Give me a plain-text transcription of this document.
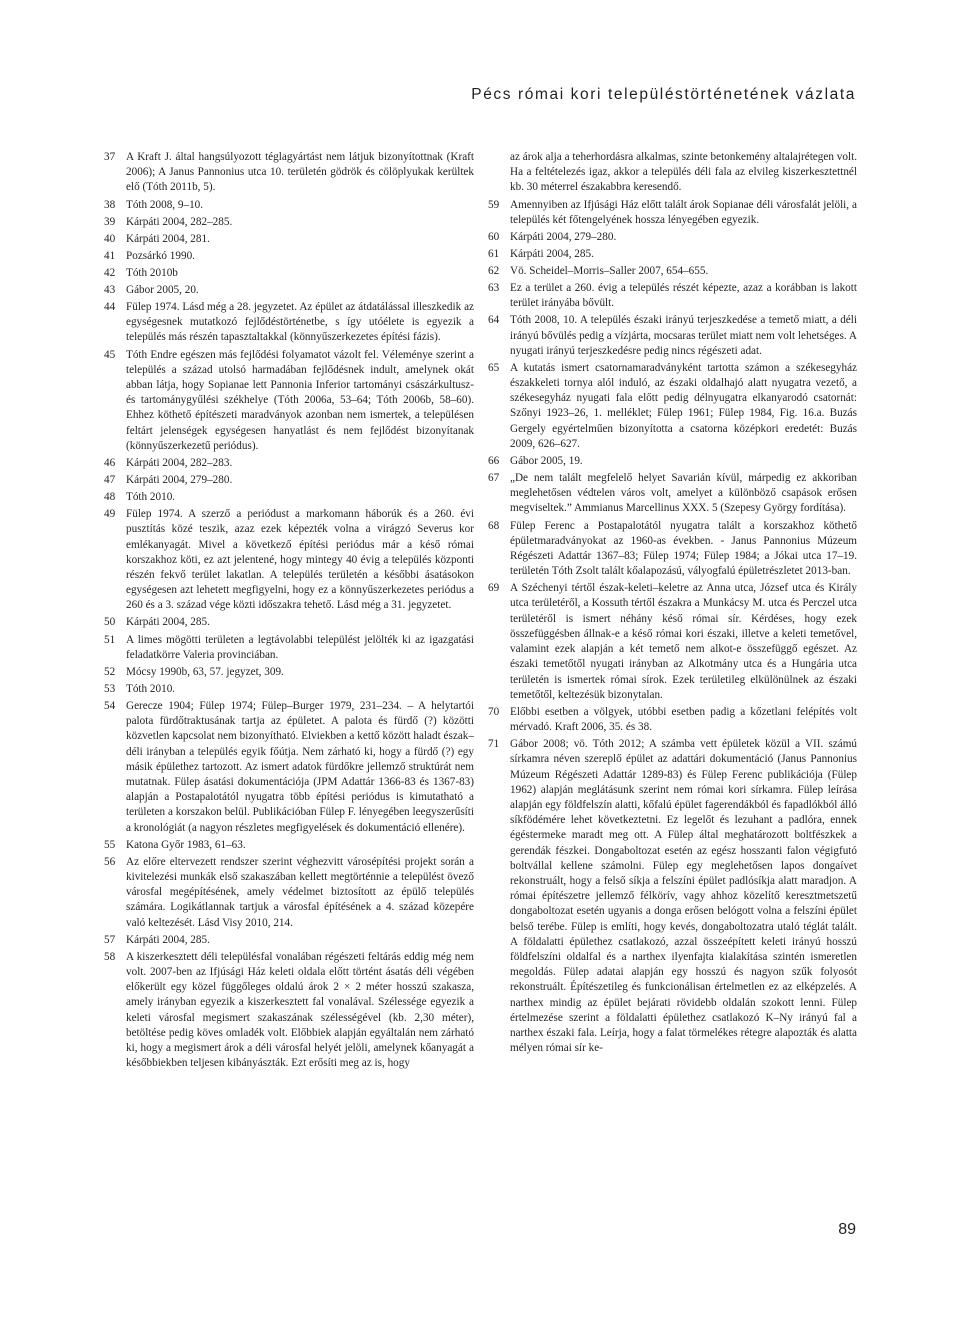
Pécs római kori településtörténetének vázlata
37 A Kraft J. által hangsúlyozott téglagyártást nem látjuk bizonyítottnak (Kraft 2006); A Janus Pannonius utca 10. területén gödrök és cölöplyukak kerültek elő (Tóth 2011b, 5).
38 Tóth 2008, 9–10.
39 Kárpáti 2004, 282–285.
40 Kárpáti 2004, 281.
41 Pozsárkó 1990.
42 Tóth 2010b
43 Gábor 2005, 20.
44 Fülep 1974. Lásd még a 28. jegyzetet. Az épület az átdatálással illeszkedik az egységesnek mutatkozó fejlődéstörténetbe, s így utóélete is egyezik a település más részén tapasztaltakkal (könnyűszerkezetes építési fázis).
45 Tóth Endre egészen más fejlődési folyamatot vázolt fel. Véleménye szerint a település a század utolsó harmadában fejlődésnek indult, amelynek okát abban látja, hogy Sopianae lett Pannonia Inferior tartományi császárkultusz- és tartománygyűlési székhelye (Tóth 2006a, 53–64; Tóth 2006b, 58–60). Ehhez köthető építészeti maradványok azonban nem ismertek, a településen feltárt jelenségek egységesen hanyatlást és nem fejlődést bizonyítanak (könnyűszerkezetű periódus).
46 Kárpáti 2004, 282–283.
47 Kárpáti 2004, 279–280.
48 Tóth 2010.
49 Fülep 1974. A szerző a periódust a markomann háborúk és a 260. évi pusztítás közé teszik, azaz ezek képezték volna a virágzó Severus kor emlékanyagát. Mivel a következő építési periódus már a késő római korszakhoz köti, ez azt jelentené, hogy mintegy 40 évig a település központi részén fekvő terület lakatlan. A település területén a későbbi ásatásokon egységesen azt lehetett megfigyelni, hogy ez a könnyűszerkezetes periódus a 260 és a 3. század vége közti időszakra tehető. Lásd még a 31. jegyzetet.
50 Kárpáti 2004, 285.
51 A limes mögötti területen a legtávolabbi települést jelölték ki az igazgatási feladatkörre Valeria provinciában.
52 Mócsy 1990b, 63, 57. jegyzet, 309.
53 Tóth 2010.
54 Gerecze 1904; Fülep 1974; Fülep–Burger 1979, 231–234. – A helytartói palota fürdőtraktusának tartja az épületet. A palota és fürdő (?) közötti közvetlen kapcsolat nem bizonyítható. Elviekben a kettő között haladt észak–déli irányban a település egyik főútja. Nem zárható ki, hogy a fürdő (?) egy másik épülethez tartozott. Az ismert adatok fürdőkre jellemző struktúrát nem mutatnak. Fülep ásatási dokumentációja (JPM Adattár 1366-83 és 1367-83) alapján a Postapalotától nyugatra több építési periódus is kimutatható a területen a korszakon belül. Publikációban Fülep F. lényegében leegyszerűsíti a kronológiát (a nagyon részletes megfigyelések és dokumentáció ellenére).
55 Katona Győr 1983, 61–63.
56 Az előre eltervezett rendszer szerint véghezvitt városépítési projekt során a kivitelezési munkák első szakaszában kellett megtörténnie a települést övező városfal megépítésének, amely védelmet biztosított az épülő település számára. Logikátlannak tartjuk a városfal építésének a 4. század közepére való keltezését. Lásd Visy 2010, 214.
57 Kárpáti 2004, 285.
58 A kiszerkesztett déli településfal vonalában régészeti feltárás eddig még nem volt. 2007-ben az Ifjúsági Ház keleti oldala előtt történt ásatás déli végében előkerült egy közel függőleges oldalú árok 2 × 2 méter hosszú szakasza, amely irányban egyezik a kiszerkesztett fal vonalával. Szélessége egyezik a keleti városfal megismert szakaszának szélességével (kb. 2,30 méter), betöltése pedig köves omladék volt. Előbbiek alapján egyáltalán nem zárható ki, hogy a megismert árok a déli városfal helyét jelöli, amelynek kőanyagát a későbbiekben teljesen kibányászták. Ezt erősíti meg az is, hogy
az árok alja a teherhordásra alkalmas, szinte betonkemény altalajrétegen volt. Ha a feltételezés igaz, akkor a település déli fala az elvileg kiszerkesztettnél kb. 30 méterrel északabbra keresendő.
59 Amennyiben az Ifjúsági Ház előtt talált árok Sopianae déli városfalát jelöli, a település két főtengelyének hossza lényegében egyezik.
60 Kárpáti 2004, 279–280.
61 Kárpáti 2004, 285.
62 Vö. Scheidel–Morris–Saller 2007, 654–655.
63 Ez a terület a 260. évig a település részét képezte, azaz a korábban is lakott terület irányába bővült.
64 Tóth 2008, 10. A település északi irányú terjeszkedése a temető miatt, a déli irányú bővülés pedig a vízjárta, mocsaras terület miatt nem volt lehetséges. A nyugati irányú terjeszkedésre pedig nincs régészeti adat.
65 A kutatás ismert csatornamaradványként tartotta számon a székesegyház északkeleti tornya alól induló, az északi oldalhajó alatt nyugatra vezető, a székesegyház nyugati fala előtt pedig délnyugatra elkanyarodó csatornát: Szőnyi 1923–26, 1. melléklet; Fülep 1961; Fülep 1984, Fig. 16.a. Buzás Gergely egyértelműen bizonyította a csatorna középkori eredetét: Buzás 2009, 626–627.
66 Gábor 2005, 19.
67 „De nem talált megfelelő helyet Savarián kívül, márpedig ez akkoriban meglehetősen védtelen város volt, amelyet a különböző csapások erősen megviseltek.” Ammianus Marcellinus XXX. 5 (Szepesy György fordítása).
68 Fülep Ferenc a Postapalotától nyugatra talált a korszakhoz köthető épületmaradványokat az 1960-as években. - Janus Pannonius Múzeum Régészeti Adattár 1367–83; Fülep 1974; Fülep 1984; a Jókai utca 17–19. területén Tóth Zsolt talált kőalapozású, vályogfalú épületrészletet 2013-ban.
69 A Széchenyi tértől észak-keleti–keletre az Anna utca, József utca és Király utca területéről, a Kossuth tértől északra a Munkácsy M. utca és Perczel utca területéről is ismert néhány késő római sír. Kérdéses, hogy ezek összefüggésben állnak-e a késő római kori északi, illetve a keleti temetővel, valamint ezek alapján a két temető nem alkot-e összefüggő egészet. Az északi temetőtől nyugati irányban az Alkotmány utca és a Hungária utca területén is ismertek római sírok. Ezek területileg elkülönülnek az északi temetőtől, keltezésük bizonytalan.
70 Előbbi esetben a völgyek, utóbbi esetben padig a kőzetlani felépítés volt mérvadó. Kraft 2006, 35. és 38.
71 Gábor 2008; vö. Tóth 2012; A számba vett épületek közül a VII. számú sírkamra néven szereplő épület az adattári dokumentáció (Janus Pannonius Múzeum Régészeti Adattár 1289-83) és Fülep Ferenc publikációja (Fülep 1962) alapján meglátásunk szerint nem római kori sírkamra. Fülep leírása alapján egy földfelszín alatti, kőfalú épület fagerendákból és fapadlókból álló síkfödémére lehet következtetni. Ez legelőt és lezuhant a padlóra, ennek égéstermeke maradt meg ott. A Fülep által meghatározott boltfészkek a gerendák fészkei. Dongaboltozat esetén az egész hosszanti falon végigfutó boltvállal kellene számolni. Fülep egy meglehetősen lapos dongaívet rekonstruált, hogy a felső síkja a felszíni épület padlósíkja alatt maradjon. A római építészetre jellemző félkörív, vagy ahhoz közelítő keresztmetszetű dongaboltozat esetén ugyanis a donga erősen belógott volna a felszíni épület belső terébe. Fülep is említi, hogy kevés, dongaboltozatra utaló téglát talált. A földalatti épülethez csatlakozó, azzal összeépített keleti irányú hosszú földfelszíni oldalfal és a narthex ilyenfajta kialakítása szintén ismeretlen megoldás. Fülep adatai alapján egy hosszú és nagyon szűk folyosót rekonstruált. Építészetileg és funkcionálisan értelmetlen ez az elképzelés. A narthex mindig az épület bejárati rövidebb oldalán szokott lenni. Fülep értelmezése szerint a földalatti épülethez csatlakozó K–Ny irányú fal a narthex északi fala. Leírja, hogy a falat törmelékes rétegre alapozták és alatta mélyen római sír ke-
89
